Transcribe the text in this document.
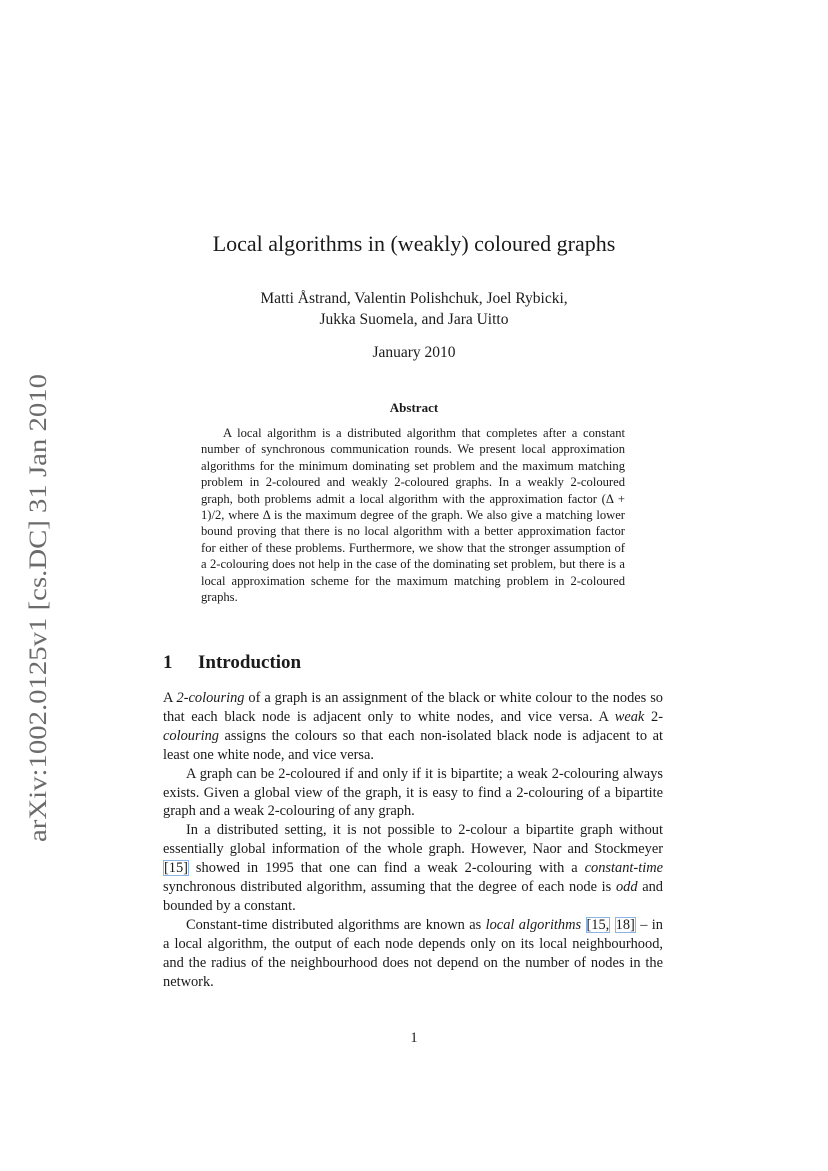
arXiv:1002.0125v1 [cs.DC] 31 Jan 2010
Local algorithms in (weakly) coloured graphs
Matti Åstrand, Valentin Polishchuk, Joel Rybicki,
Jukka Suomela, and Jara Uitto
January 2010
Abstract

A local algorithm is a distributed algorithm that completes after a constant number of synchronous communication rounds. We present local approximation algorithms for the minimum dominating set problem and the maximum matching problem in 2-coloured and weakly 2-coloured graphs. In a weakly 2-coloured graph, both problems admit a local algorithm with the approximation factor (Δ + 1)/2, where Δ is the maximum degree of the graph. We also give a matching lower bound proving that there is no local algorithm with a better approximation factor for either of these problems. Furthermore, we show that the stronger assumption of a 2-colouring does not help in the case of the dominating set problem, but there is a local approximation scheme for the maximum matching problem in 2-coloured graphs.

1 Introduction

A 2-colouring of a graph is an assignment of the black or white colour to the nodes so that each black node is adjacent only to white nodes, and vice versa. A weak 2-colouring assigns the colours so that each non-isolated black node is adjacent to at least one white node, and vice versa.

A graph can be 2-coloured if and only if it is bipartite; a weak 2-colouring always exists. Given a global view of the graph, it is easy to find a 2-colouring of a bipartite graph and a weak 2-colouring of any graph.

In a distributed setting, it is not possible to 2-colour a bipartite graph without essentially global information of the whole graph. However, Naor and Stockmeyer [15] showed in 1995 that one can find a weak 2-colouring with a constant-time synchronous distributed algorithm, assuming that the degree of each node is odd and bounded by a constant.

Constant-time distributed algorithms are known as local algorithms [15, 18] – in a local algorithm, the output of each node depends only on its local neighbourhood, and the radius of the neighbourhood does not depend on the number of nodes in the network.

1
